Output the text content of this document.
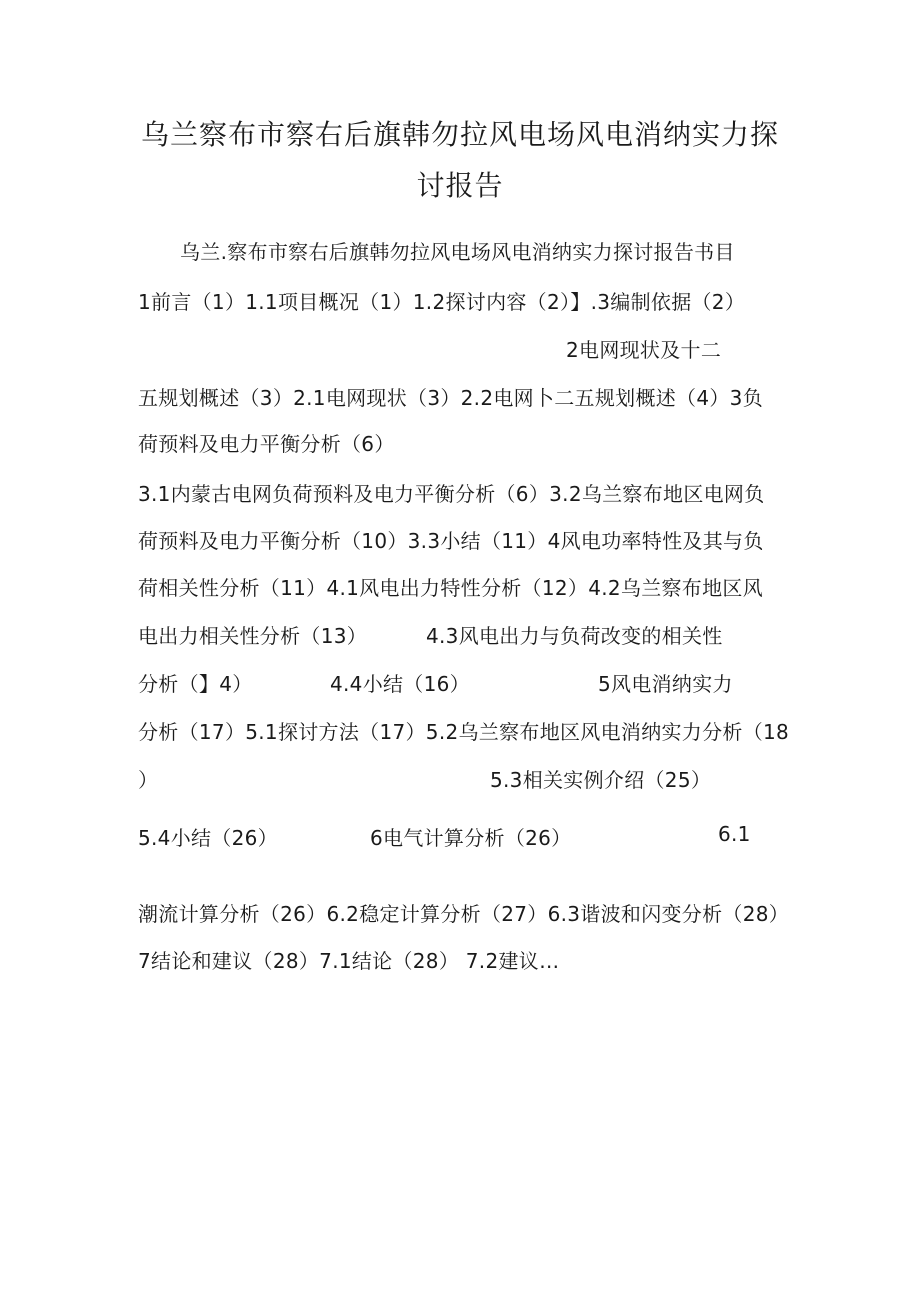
乌兰察布市察右后旗韩勿拉风电场风电消纳实力探
讨报告
乌兰.察布市察右后旗韩勿拉风电场风电消纳实力探讨报告书目
1前言（1）1.1项目概况（1）1.2探讨内容（2）】.3编制依据（2）
2电网现状及十二
五规划概述（3）2.1电网现状（3）2.2电网卜二五规划概述（4）3负
荷预料及电力平衡分析（6）
3.1内蒙古电网负荷预料及电力平衡分析（6）3.2乌兰察布地区电网负
荷预料及电力平衡分析（10）3.3小结（11）4风电功率特性及其与负
荷相关性分析（11）4.1风电出力特性分析（12）4.2乌兰察布地区风
电出力相关性分析（13）	4.3风电出力与负荷改变的相关性
分析（】4）	4.4小结（16）	5风电消纳实力
分析（17）5.1探讨方法（17）5.2乌兰察布地区风电消纳实力分析（18
）	5.3相关实例介绍（25）
5.4小结（26）	6电气计算分析（26）	6.1
潮流计算分析（26）6.2稳定计算分析（27）6.3谐波和闪变分析（28）
7结论和建议（28）7.1结论（28） 7.2建议…
